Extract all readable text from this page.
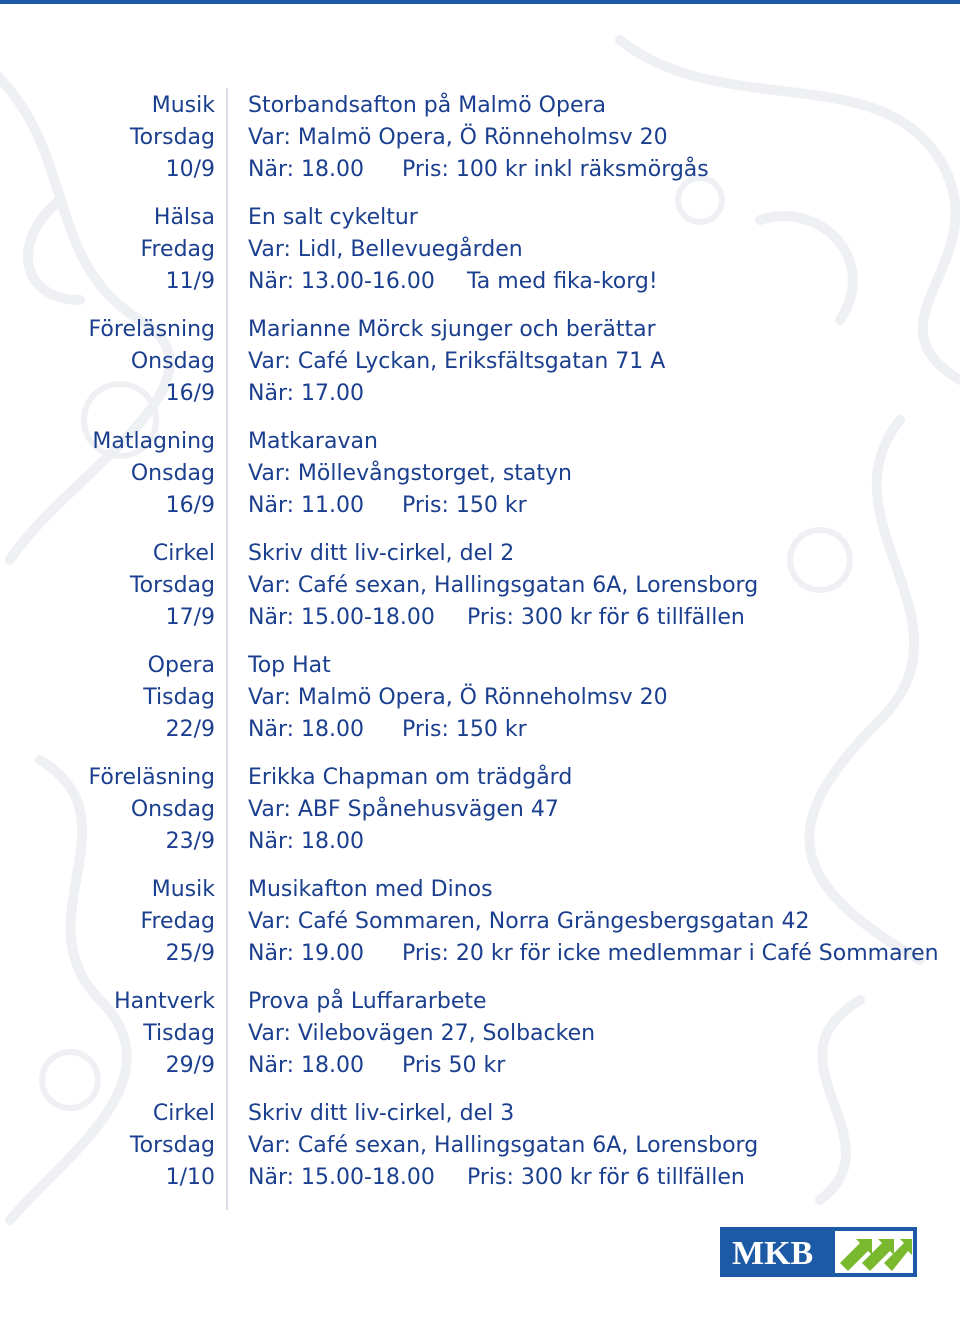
Musik
Torsdag
10/9
Storbandsafton på Malmö Opera
Var: Malmö Opera, Ö Rönneholmsv 20
När: 18.00 Pris: 100 kr inkl räksmörgås
Hälsa
Fredag
11/9
En salt cykeltur
Var: Lidl, Bellevuegården
När: 13.00-16.00 Ta med fika-korg!
Föreläsning
Onsdag
16/9
Marianne Mörck sjunger och berättar
Var: Café Lyckan, Eriksfältsgatan 71 A
När: 17.00
Matlagning
Onsdag
16/9
Matkaravan
Var: Möllevångstorget, statyn
När: 11.00 Pris: 150 kr
Cirkel
Torsdag
17/9
Skriv ditt liv-cirkel, del 2
Var: Café sexan, Hallingsgatan 6A, Lorensborg
När: 15.00-18.00 Pris: 300 kr för 6 tillfällen
Opera
Tisdag
22/9
Top Hat
Var: Malmö Opera, Ö Rönneholmsv 20
När: 18.00 Pris: 150 kr
Föreläsning
Onsdag
23/9
Erikka Chapman om trädgård
Var: ABF Spånehusvägen 47
När: 18.00
Musik
Fredag
25/9
Musikafton med Dinos
Var: Café Sommaren, Norra Grängesbergsgatan 42
När: 19.00 Pris: 20 kr för icke medlemmar i Café Sommaren
Hantverk
Tisdag
29/9
Prova på Luffararbete
Var: Vilebovägen 27, Solbacken
När: 18.00 Pris 50 kr
Cirkel
Torsdag
1/10
Skriv ditt liv-cirkel, del 3
Var: Café sexan, Hallingsgatan 6A, Lorensborg
När: 15.00-18.00 Pris: 300 kr för 6 tillfällen
MKB
